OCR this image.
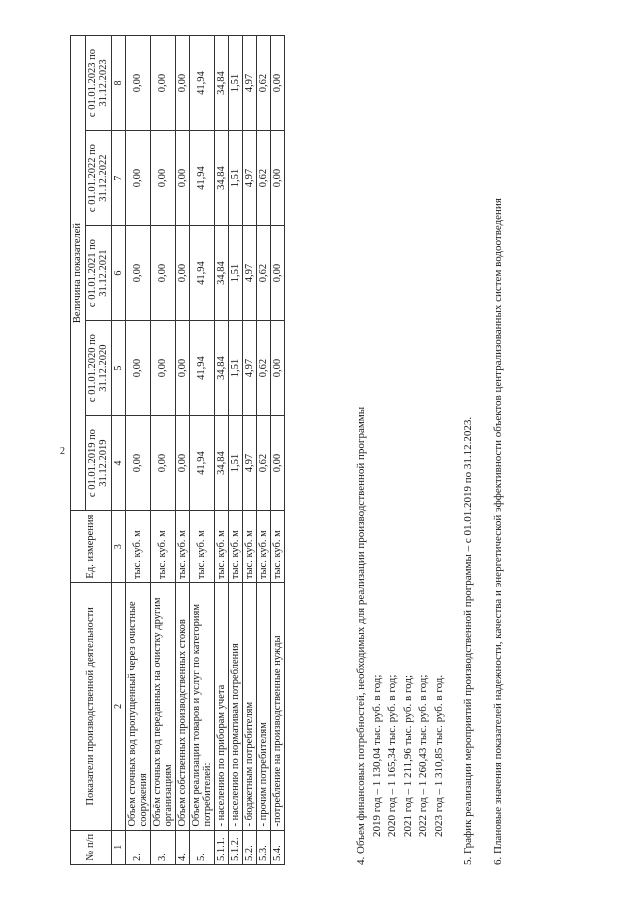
2
№ п/п	Показатели производственной деятельности	Ед. измерения	Величина показателей				
			с 01.01.2019 по 31.12.2019	с 01.01.2020 по 31.12.2020	с 01.01.2021 по 31.12.2021	с 01.01.2022 по 31.12.2022	с 01.01.2023 по 31.12.2023
1	2	3	4	5	6	7	8
2.	Объем сточных вод пропущенный через очистные сооружения	тыс. куб. м	0,00	0,00	0,00	0,00	0,00
3.	Объём сточных вод переданных на очистку другим организациям	тыс. куб. м	0,00	0,00	0,00	0,00	0,00
4.	Объем собственных производственных стоков	тыс. куб. м	0,00	0,00	0,00	0,00	0,00
5.	Объем реализации товаров и услуг по категориям потребителей:	тыс. куб. м	41,94	41,94	41,94	41,94	41,94
5.1.1.	- населению по приборам учета	тыс. куб. м	34,84	34,84	34,84	34,84	34,84
5.1.2.	- населению по нормативам потребления	тыс. куб. м	1,51	1,51	1,51	1,51	1,51
5.2.	- бюджетным потребителям	тыс. куб. м	4,97	4,97	4,97	4,97	4,97
5.3.	- прочим потребителям	тыс. куб. м	0,62	0,62	0,62	0,62	0,62
5.4.	-потребление на производственные нужды	тыс. куб. м	0,00	0,00	0,00	0,00	0,00
4. Объем финансовых потребностей, необходимых для реализации производственной программы 2019 год – 1 130,04 тыс. руб. в год; 2020 год – 1 165,34 тыс. руб. в год; 2021 год – 1 211,96 тыс. руб. в год; 2022 год – 1 260,43 тыс. руб. в год; 2023 год – 1 310,85 тыс. руб. в год. 5. График реализации мероприятий производственной программы – с 01.01.2019 по 31.12.2023. 6. Плановые значения показателей надежности, качества и энергетической эффективности объектов централизованных систем водоотведения
